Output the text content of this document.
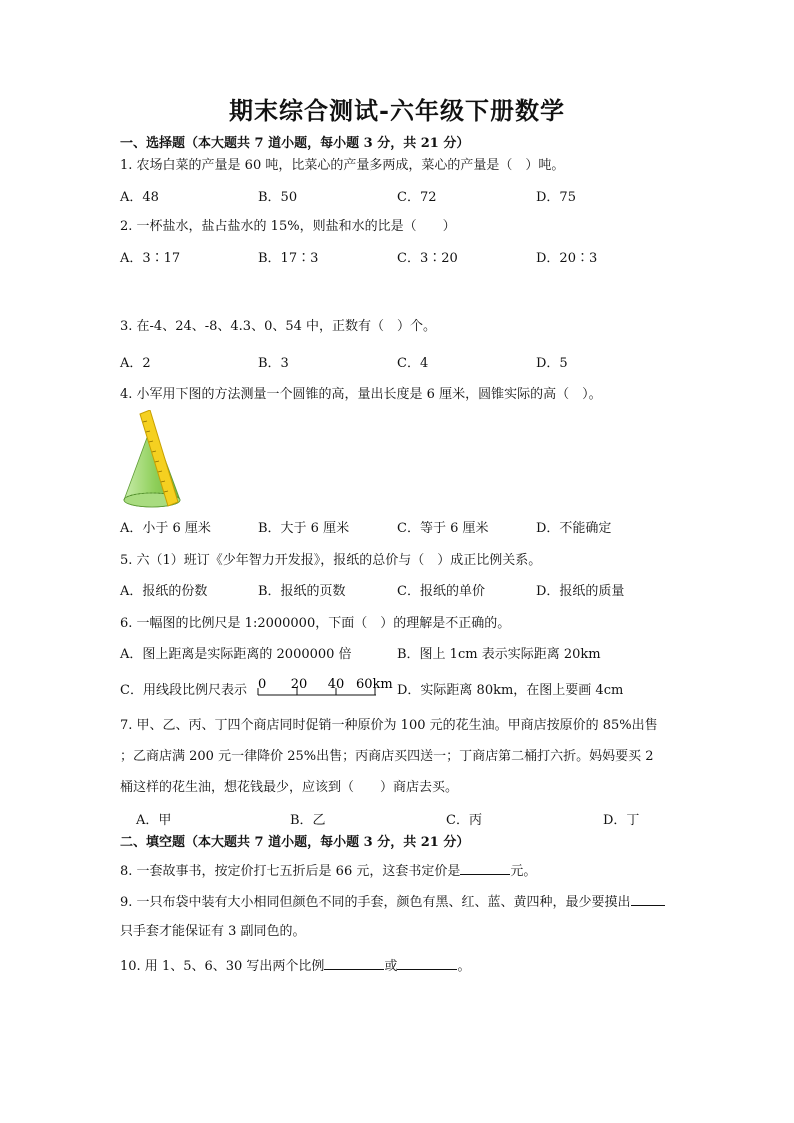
期末综合测试-六年级下册数学
一、选择题（本大题共 7 道小题，每小题 3 分，共 21 分）
1. 农场白菜的产量是 60 吨，比菜心的产量多两成，菜心的产量是（　）吨。
A．48	B．50	C．72	D．75
2. 一杯盐水，盐占盐水的 15%，则盐和水的比是（　　）
A．3∶17	B．17∶3	C．3∶20	D．20∶3
3. 在-4、24、-8、4.3、0、54 中，正数有（　）个。
A．2	B．3	C．4	D．5
4. 小军用下图的方法测量一个圆锥的高，量出长度是 6 厘米，圆锥实际的高（　）。
A．小于 6 厘米	B．大于 6 厘米	C．等于 6 厘米	D．不能确定
5. 六（1）班订《少年智力开发报》，报纸的总价与（　）成正比例关系。
A．报纸的份数	B．报纸的页数	C．报纸的单价	D．报纸的质量
6. 一幅图的比例尺是 1:2000000，下面（　）的理解是不正确的。
A．图上距离是实际距离的 2000000 倍	B．图上 1cm 表示实际距离 20km
C．用线段比例尺表示 0 20 40 60km D．实际距离 80km，在图上要画 4cm
7. 甲、乙、丙、丁四个商店同时促销一种原价为 100 元的花生油。甲商店按原价的 85%出售
；乙商店满 200 元一律降价 25%出售；丙商店买四送一；丁商店第二桶打六折。妈妈要买 2
桶这样的花生油，想花钱最少，应该到（　　）商店去买。
A．甲	B．乙	C．丙	D．丁
二、填空题（本大题共 7 道小题，每小题 3 分，共 21 分）
8. 一套故事书，按定价打七五折后是 66 元，这套书定价是	元。
9. 一只布袋中装有大小相同但颜色不同的手套，颜色有黑、红、蓝、黄四种，最少要摸出
只手套才能保证有 3 副同色的。
10. 用 1、5、6、30 写出两个比例	或	。
